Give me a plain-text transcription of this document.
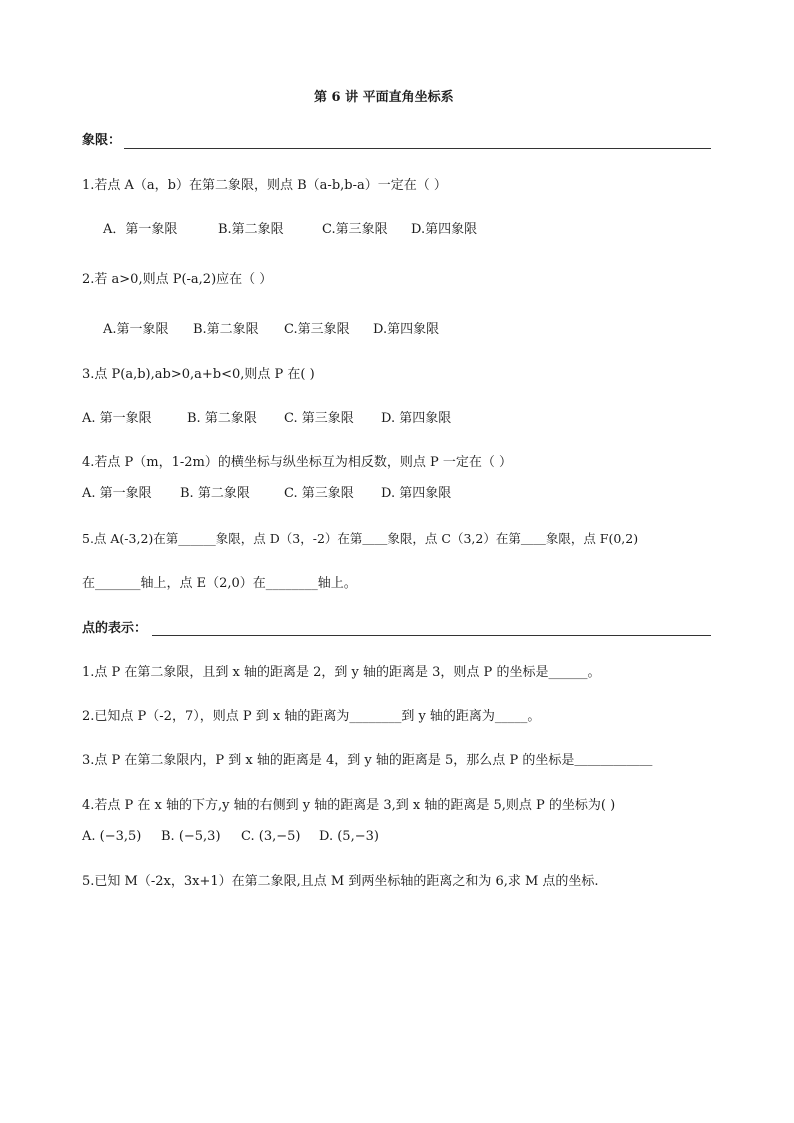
第 6 讲 平面直角坐标系
象限：
1.若点 A（a，b）在第二象限，则点 B（a-b,b-a）一定在（ ）
A．第一象限	B.第二象限	C.第三象限 D.第四象限
2.若 a>0,则点 P(-a,2)应在（ ）
A.第一象限 B.第二象限 C.第三象限 D.第四象限
3.点 P(a,b),ab>0,a+b<0,则点 P 在( )
A. 第一象限	B. 第二象限 C. 第三象限 D. 第四象限
4.若点 P（m，1-2m）的横坐标与纵坐标互为相反数，则点 P 一定在（ ）
A. 第一象限 B. 第二象限	C. 第三象限 D. 第四象限
5.点 A(-3,2)在第______象限，点 D（3，-2）在第＿＿象限，点 C（3,2）在第＿＿象限，点 F(0,2)
在_______轴上，点 E（2,0）在________轴上。
点的表示：
1.点 P 在第二象限，且到 x 轴的距离是 2，到 y 轴的距离是 3，则点 P 的坐标是______。
2.已知点 P（-2，7），则点 P 到 x 轴的距离为________到 y 轴的距离为_____。
3.点 P 在第二象限内，P 到 x 轴的距离是 4，到 y 轴的距离是 5，那么点 P 的坐标是＿＿＿＿＿＿
4.若点 P 在 x 轴的下方,y 轴的右侧到 y 轴的距离是 3,到 x 轴的距离是 5,则点 P 的坐标为( )
A. (−3,5) B. (−5,3) C. (3,−5) D. (5,−3)
5.已知 M（-2x，3x+1）在第二象限,且点 M 到两坐标轴的距离之和为 6,求 M 点的坐标.
